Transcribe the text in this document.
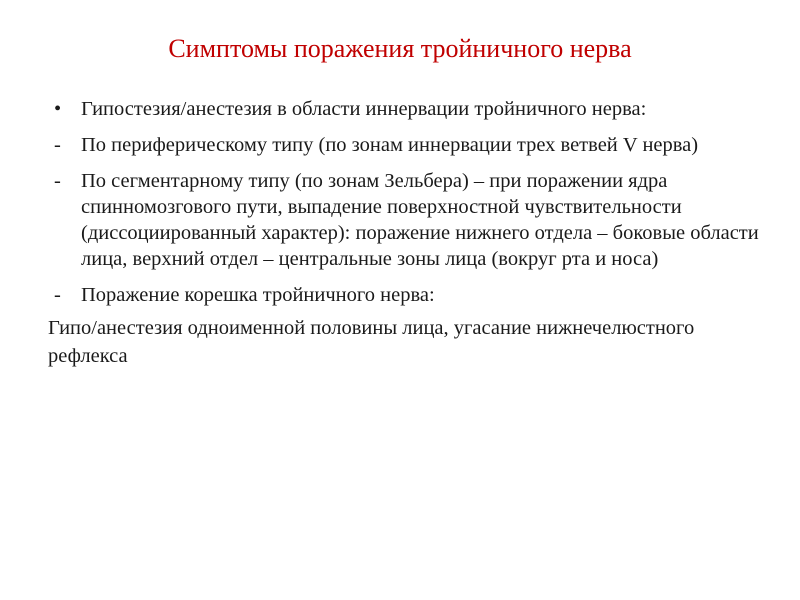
Симптомы поражения тройничного нерва
• Гипостезия/анестезия в области иннервации тройничного нерва:
- По периферическому типу (по зонам иннервации трех ветвей V нерва)
- По сегментарному типу (по зонам Зельбера) – при поражении ядра спинномозгового пути, выпадение поверхностной чувствительности (диссоциированный характер): поражение нижнего отдела – боковые области лица, верхний отдел – центральные зоны лица (вокруг рта и носа)
- Поражение корешка тройничного нерва:
Гипо/анестезия одноименной половины лица, угасание нижнечелюстного рефлекса
